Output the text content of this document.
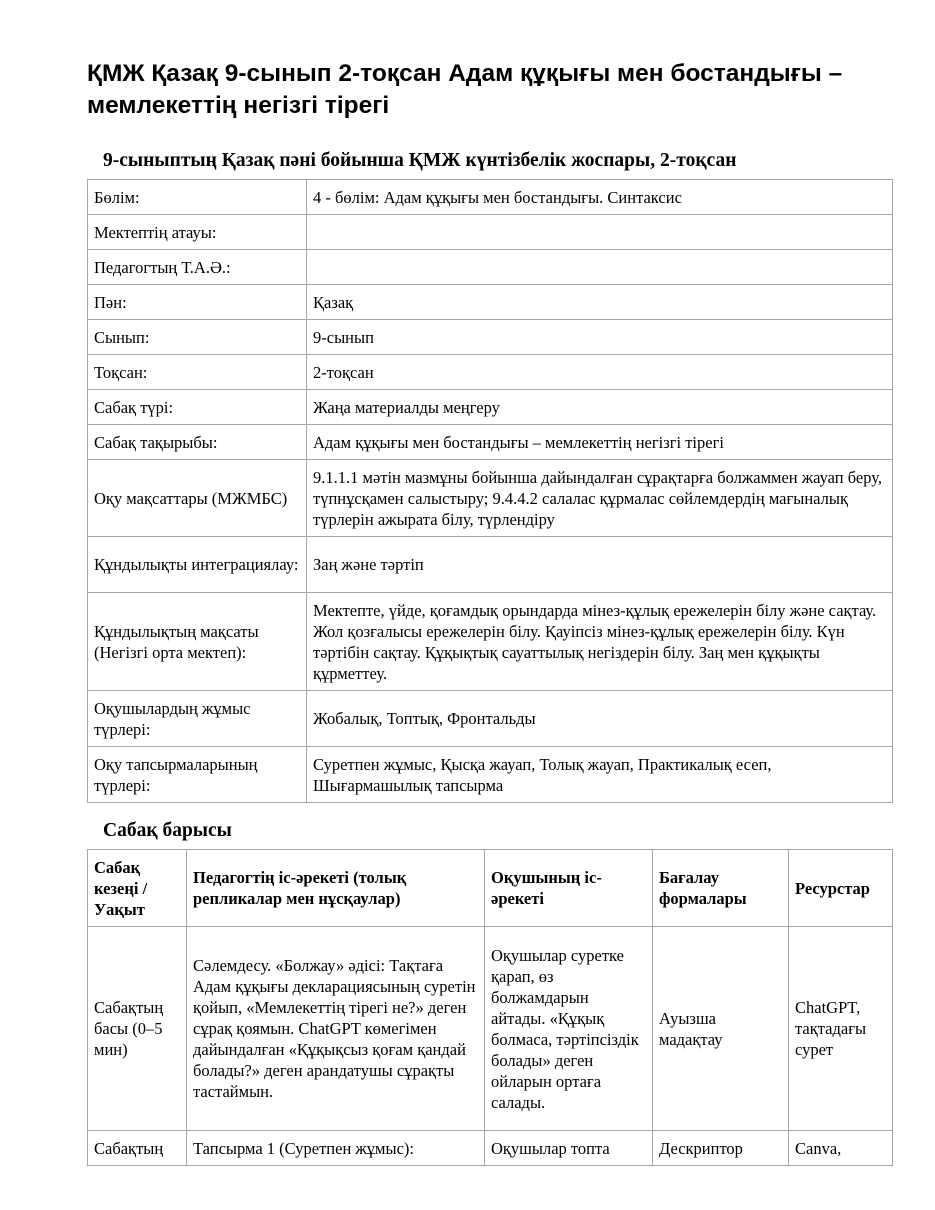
ҚМЖ Қазақ 9-сынып 2-тоқсан Адам құқығы мен бостандығы – мемлекеттің негізгі тірегі
9-сыныптың Қазақ пәні бойынша ҚМЖ күнтізбелік жоспары, 2-тоқсан
Бөлім:	4 - бөлім: Адам құқығы мен бостандығы. Синтаксис
Мектептің атауы:	
Педагогтың Т.А.Ә.:	
Пән:	Қазақ
Сынып:	9-сынып
Тоқсан:	2-тоқсан
Сабақ түрі:	Жаңа материалды меңгеру
Сабақ тақырыбы:	Адам құқығы мен бостандығы – мемлекеттің негізгі тірегі
Оқу мақсаттары (МЖМБС)	9.1.1.1 мәтін мазмұны бойынша дайындалған сұрақтарға болжаммен жауап беру, түпнұсқамен салыстыру; 9.4.4.2 салалас құрмалас сөйлемдердің мағыналық түрлерін ажырата білу, түрлендіру
Құндылықты интеграциялау:	Заң және тәртіп
Құндылықтың мақсаты (Негізгі орта мектеп):	Мектепте, үйде, қоғамдық орындарда мінез-құлық ережелерін білу және сақтау. Жол қозғалысы ережелерін білу. Қауіпсіз мінез-құлық ережелерін білу. Күн тәртібін сақтау. Құқықтық сауаттылық негіздерін білу. Заң мен құқықты құрметтеу.
Оқушылардың жұмыс түрлері:	Жобалық, Топтық, Фронтальды
Оқу тапсырмаларының түрлері:	Суретпен жұмыс, Қысқа жауап, Толық жауап, Практикалық есеп, Шығармашылық тапсырма
Сабақ барысы
Сабақ кезеңі / Уақыт	Педагогтің іс-әрекеті (толық репликалар мен нұсқаулар)	Оқушының іс-әрекеті	Бағалау формалары	Ресурстар
Сабақтың басы (0–5 мин)	Сәлемдесу. «Болжау» әдісі: Тақтаға Адам құқығы декларациясының суретін қойып, «Мемлекеттің тірегі не?» деген сұрақ қоямын. ChatGPT көмегімен дайындалған «Құқықсыз қоғам қандай болады?» деген арандатушы сұрақты тастаймын.	Оқушылар суретке қарап, өз болжамдарын айтады. «Құқық болмаса, тәртіпсіздік болады» деген ойларын ортаға салады.	Ауызша мадақтау	ChatGPT, тақтадағы сурет
Сабақтың	Тапсырма 1 (Суретпен жұмыс):	Оқушылар топта	Дескриптор	Canva,
